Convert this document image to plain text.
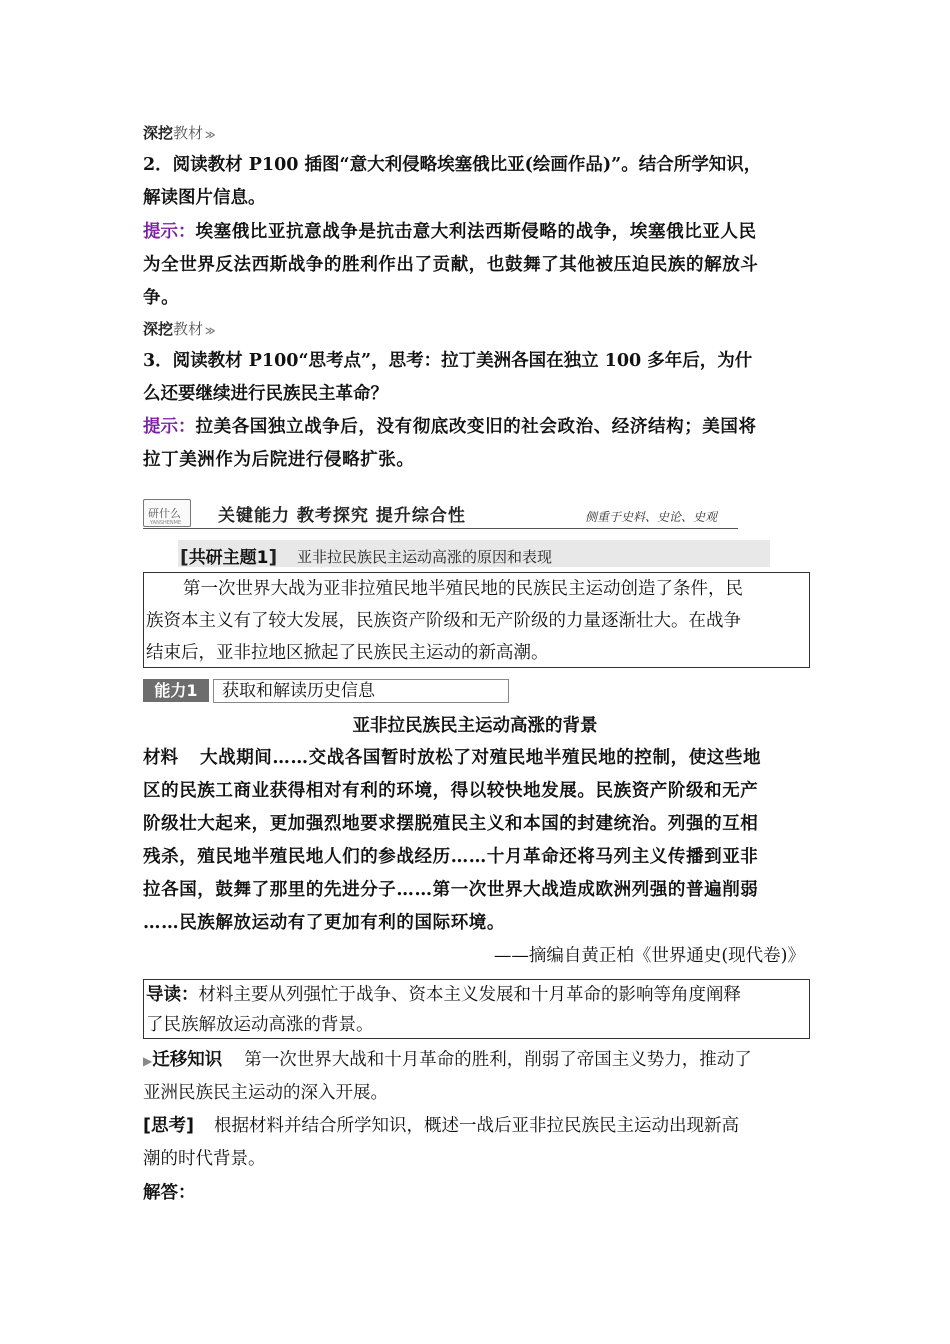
深挖教材 ≫
2．阅读教材 P100 插图“意大利侵略埃塞俄比亚(绘画作品)”。结合所学知识，
解读图片信息。
提示：埃塞俄比亚抗意战争是抗击意大利法西斯侵略的战争，埃塞俄比亚人民
为全世界反法西斯战争的胜利作出了贡献，也鼓舞了其他被压迫民族的解放斗
争。
深挖教材 ≫
3．阅读教材 P100“思考点”，思考：拉丁美洲各国在独立 100 多年后，为什
么还要继续进行民族民主革命？
提示：拉美各国独立战争后，没有彻底改变旧的社会政治、经济结构；美国将
拉丁美洲作为后院进行侵略扩张。
研什么
YANSHENME 关键能力 教考探究 提升综合性	侧重于史料、史论、史观
[共研主题1] 亚非拉民族民主运动高涨的原因和表现
第一次世界大战为亚非拉殖民地半殖民地的民族民主运动创造了条件，民
族资本主义有了较大发展，民族资产阶级和无产阶级的力量逐渐壮大。在战争
结束后，亚非拉地区掀起了民族民主运动的新高潮。
能力1	获取和解读历史信息
亚非拉民族民主运动高涨的背景
材料 大战期间……交战各国暂时放松了对殖民地半殖民地的控制，使这些地
区的民族工商业获得相对有利的环境，得以较快地发展。民族资产阶级和无产
阶级壮大起来，更加强烈地要求摆脱殖民主义和本国的封建统治。列强的互相
残杀，殖民地半殖民地人们的参战经历……十月革命还将马列主义传播到亚非
拉各国，鼓舞了那里的先进分子……第一次世界大战造成欧洲列强的普遍削弱
……民族解放运动有了更加有利的国际环境。
——摘编自黄正柏《世界通史(现代卷)》
导读：材料主要从列强忙于战争、资本主义发展和十月革命的影响等角度阐释
了民族解放运动高涨的背景。
▶迁移知识 第一次世界大战和十月革命的胜利，削弱了帝国主义势力，推动了
亚洲民族民主运动的深入开展。
[思考] 根据材料并结合所学知识，概述一战后亚非拉民族民主运动出现新高
潮的时代背景。
解答：
